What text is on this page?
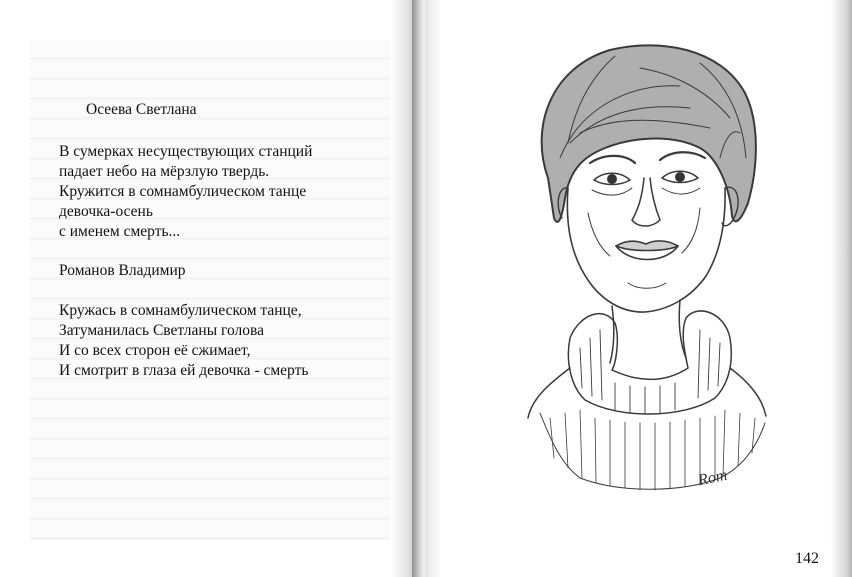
Осеева Светлана

В сумерках несуществующих станций

падает небо на мёрзлую твердь.

Кружится в сомнамбулическом танце

девочка-осень

с именем смерть...

Романов Владимир

Кружась в сомнамбулическом танце,

Затуманилась Светланы голова

И со всех сторон её сжимает,

И смотрит в глаза ей девочка - смерть

Rom
142
